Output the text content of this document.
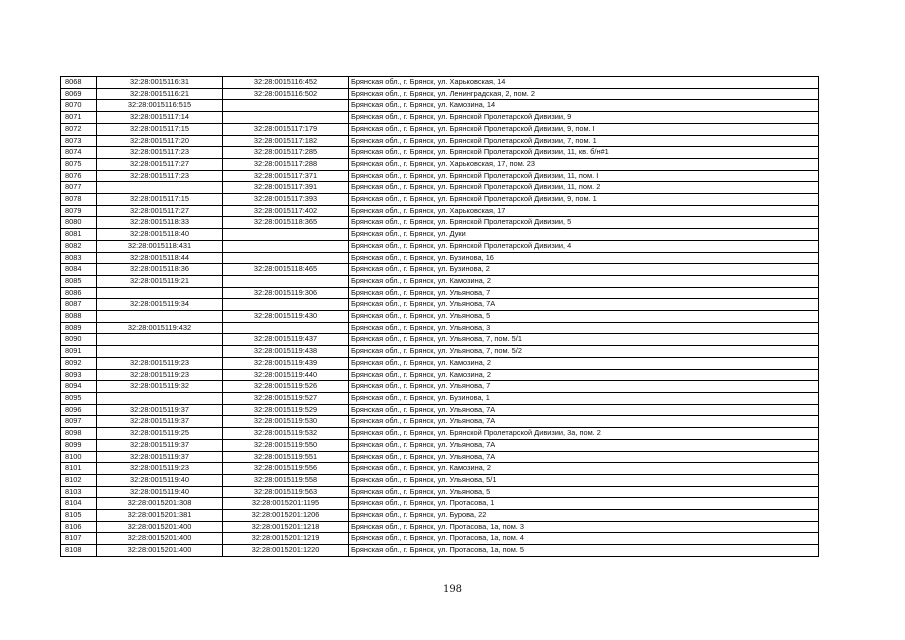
8068	32:28:0015116:31	32:28:0015116:452	Брянская обл., г. Брянск, ул. Харьковская, 14
8069	32:28:0015116:21	32:28:0015116:502	Брянская обл., г. Брянск, ул. Ленинградская, 2, пом. 2
8070	32:28:0015116:515		Брянская обл., г. Брянск, ул. Камозина, 14
8071	32:28:0015117:14		Брянская обл., г. Брянск, ул. Брянской Пролетарской Дивизии, 9
8072	32:28:0015117:15	32:28:0015117:179	Брянская обл., г. Брянск, ул. Брянской Пролетарской Дивизии, 9, пом. I
8073	32:28:0015117:20	32:28:0015117:182	Брянская обл., г. Брянск, ул. Брянской Пролетарской Дивизии, 7, пом. 1
8074	32:28:0015117:23	32:28:0015117:285	Брянская обл., г. Брянск, ул. Брянской Пролетарской Дивизии, 11, кв. б/н#1
8075	32:28:0015117:27	32:28:0015117:288	Брянская обл., г. Брянск, ул. Харьковская, 17, пом. 23
8076	32:28:0015117:23	32:28:0015117:371	Брянская обл., г. Брянск, ул. Брянской Пролетарской Дивизии, 11, пом. I
8077		32:28:0015117:391	Брянская обл., г. Брянск, ул. Брянской Пролетарской Дивизии, 11, пом. 2
8078	32:28:0015117:15	32:28:0015117:393	Брянская обл., г. Брянск, ул. Брянской Пролетарской Дивизии, 9, пом. 1
8079	32:28:0015117:27	32:28:0015117:402	Брянская обл., г. Брянск, ул. Харьковская, 17
8080	32:28:0015118:33	32:28:0015118:365	Брянская обл., г. Брянск, ул. Брянской Пролетарской Дивизии, 5
8081	32:28:0015118:40		Брянская обл., г. Брянск, ул. Дуки
8082	32:28:0015118:431		Брянская обл., г. Брянск, ул. Брянской Пролетарской Дивизии, 4
8083	32:28:0015118:44		Брянская обл., г. Брянск, ул. Бузинова, 16
8084	32:28:0015118:36	32:28:0015118:465	Брянская обл., г. Брянск, ул. Бузинова, 2
8085	32:28:0015119:21		Брянская обл., г. Брянск, ул. Камозина, 2
8086		32:28:0015119:306	Брянская обл., г. Брянск, ул. Ульянова, 7
8087	32:28:0015119:34		Брянская обл., г. Брянск, ул. Ульянова, 7А
8088		32:28:0015119:430	Брянская обл., г. Брянск, ул. Ульянова, 5
8089	32:28:0015119:432		Брянская обл., г. Брянск, ул. Ульянова, 3
8090		32:28:0015119:437	Брянская обл., г. Брянск, ул. Ульянова, 7, пом. 5/1
8091		32:28:0015119:438	Брянская обл., г. Брянск, ул. Ульянова, 7, пом. 5/2
8092	32:28:0015119:23	32:28:0015119:439	Брянская обл., г. Брянск, ул. Камозина, 2
8093	32:28:0015119:23	32:28:0015119:440	Брянская обл., г. Брянск, ул. Камозина, 2
8094	32:28:0015119:32	32:28:0015119:526	Брянская обл., г. Брянск, ул. Ульянова, 7
8095		32:28:0015119:527	Брянская обл., г. Брянск, ул. Бузинова, 1
8096	32:28:0015119:37	32:28:0015119:529	Брянская обл., г. Брянск, ул. Ульянова, 7А
8097	32:28:0015119:37	32:28:0015119:530	Брянская обл., г. Брянск, ул. Ульянова, 7А
8098	32:28:0015119:25	32:28:0015119:532	Брянская обл., г. Брянск, ул. Брянской Пролетарской Дивизии, 3а, пом. 2
8099	32:28:0015119:37	32:28:0015119:550	Брянская обл., г. Брянск, ул. Ульянова, 7А
8100	32:28:0015119:37	32:28:0015119:551	Брянская обл., г. Брянск, ул. Ульянова, 7А
8101	32:28:0015119:23	32:28:0015119:556	Брянская обл., г. Брянск, ул. Камозина, 2
8102	32:28:0015119:40	32:28:0015119:558	Брянская обл., г. Брянск, ул. Ульянова, 5/1
8103	32:28:0015119:40	32:28:0015119:563	Брянская обл., г. Брянск, ул. Ульянова, 5
8104	32:28:0015201:308	32:28:0015201:1195	Брянская обл., г. Брянск, ул. Протасова, 1
8105	32:28:0015201:381	32:28:0015201:1206	Брянская обл., г. Брянск, ул. Бурова, 22
8106	32:28:0015201:400	32:28:0015201:1218	Брянская обл., г. Брянск, ул. Протасова, 1а, пом. 3
8107	32:28:0015201:400	32:28:0015201:1219	Брянская обл., г. Брянск, ул. Протасова, 1а, пом. 4
8108	32:28:0015201:400	32:28:0015201:1220	Брянская обл., г. Брянск, ул. Протасова, 1а, пом. 5
198
